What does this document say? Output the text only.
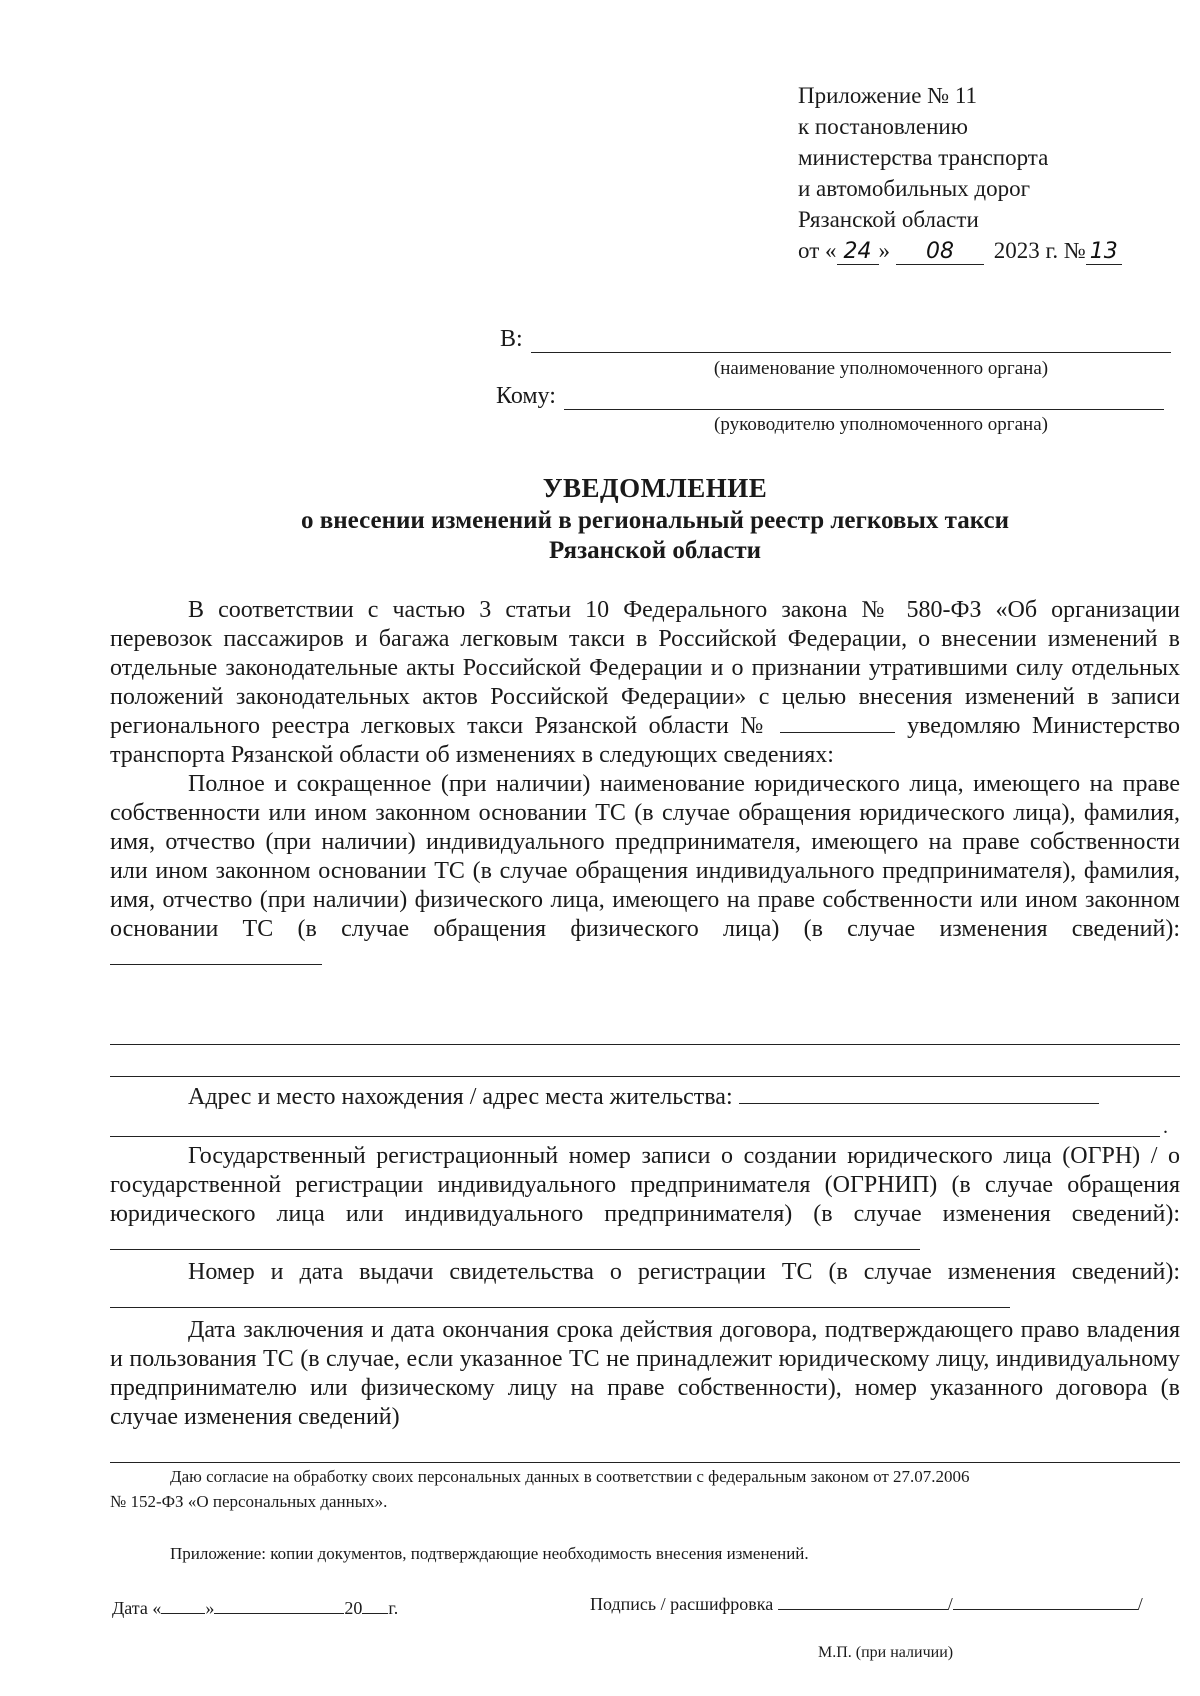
Приложение № 11
к постановлению
министерства транспорта
и автомобильных дорог
Рязанской области
от « 24 » 08 2023 г. № 13
В:
(наименование уполномоченного органа)
Кому:
(руководителю уполномоченного органа)
УВЕДОМЛЕНИЕ
о внесении изменений в региональный реестр легковых такси
Рязанской области

В соответствии с частью 3 статьи 10 Федерального закона № 580-ФЗ «Об организации перевозок пассажиров и багажа легковым такси в Российской Федерации, о внесении изменений в отдельные законодательные акты Российской Федерации и о признании утратившими силу отдельных положений законодательных актов Российской Федерации» с целью внесения изменений в записи регионального реестра легковых такси Рязанской области №	уведомляю Министерство транспорта Рязанской области об изменениях в следующих сведениях:

Полное и сокращенное (при наличии) наименование юридического лица, имеющего на праве собственности или ином законном основании ТС (в случае обращения юридического лица), фамилия, имя, отчество (при наличии) индивидуального предпринимателя, имеющего на праве собственности или ином законном основании ТС (в случае обращения индивидуального предпринимателя), фамилия, имя, отчество (при наличии) физического лица, имеющего на праве собственности или ином законном основании ТС (в случае обращения физического лица) (в случае изменения сведений):

Адрес и место нахождения / адрес места жительства:

.

Государственный регистрационный номер записи о создании юридического лица (ОГРН) / о государственной регистрации индивидуального предпринимателя (ОГРНИП) (в случае обращения юридического лица или индивидуального предпринимателя) (в случае изменения сведений):

Номер и дата выдачи свидетельства о регистрации ТС (в случае изменения сведений):

Дата заключения и дата окончания срока действия договора, подтверждающего право владения и пользования ТС (в случае, если указанное ТС не принадлежит юридическому лицу, индивидуальному предпринимателю или физическому лицу на праве собственности), номер указанного договора (в случае изменения сведений)

Даю согласие на обработку своих персональных данных в соответствии с федеральным законом от 27.07.2006
№ 152-ФЗ «О персональных данных».
Приложение: копии документов, подтверждающие необходимость внесения изменений.
Дата « »	20 г.	Подпись / расшифровка	/	/
М.П. (при наличии)
